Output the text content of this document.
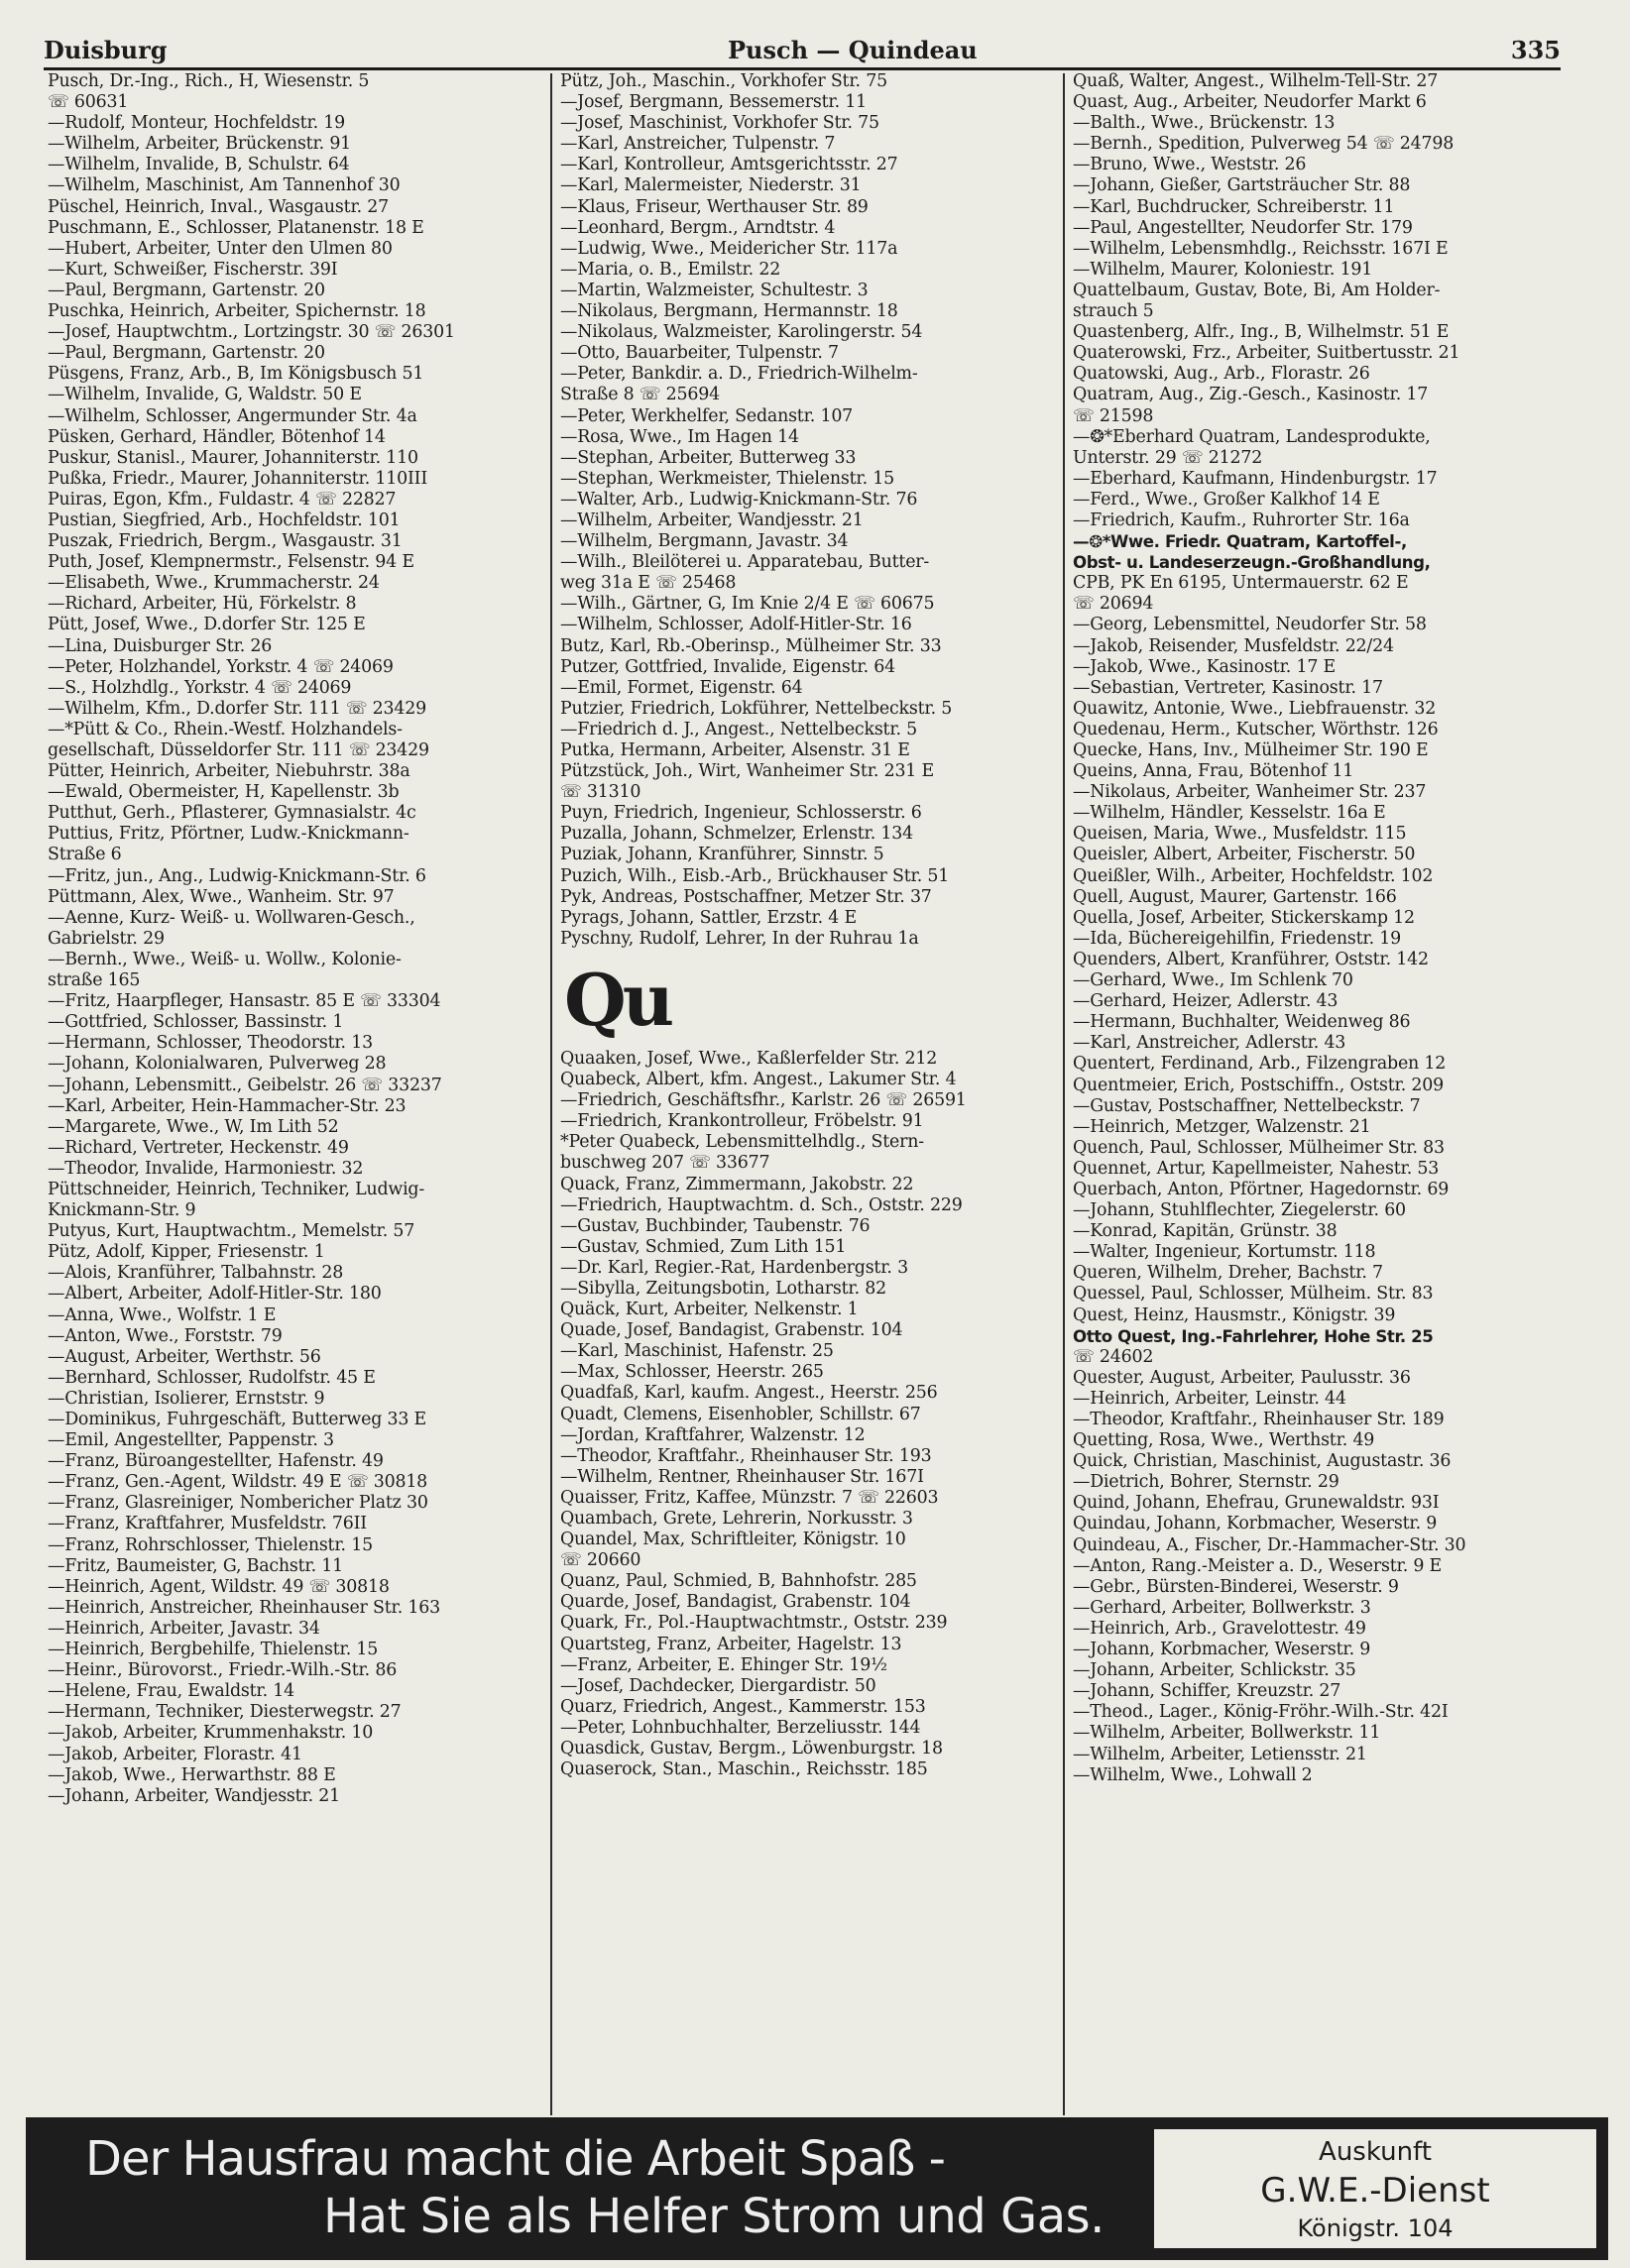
Duisburg	Pusch — Quindeau	335
Pusch, Dr.-Ing., Rich., H, Wiesenstr. 5
☏ 60631
—Rudolf, Monteur, Hochfeldstr. 19
—Wilhelm, Arbeiter, Brückenstr. 91
—Wilhelm, Invalide, B, Schulstr. 64
—Wilhelm, Maschinist, Am Tannenhof 30
Püschel, Heinrich, Inval., Wasgaustr. 27
Puschmann, E., Schlosser, Platanenstr. 18 E
—Hubert, Arbeiter, Unter den Ulmen 80
—Kurt, Schweißer, Fischerstr. 39I
—Paul, Bergmann, Gartenstr. 20
Puschka, Heinrich, Arbeiter, Spichernstr. 18
—Josef, Hauptwchtm., Lortzingstr. 30 ☏ 26301
—Paul, Bergmann, Gartenstr. 20
Püsgens, Franz, Arb., B, Im Königsbusch 51
—Wilhelm, Invalide, G, Waldstr. 50 E
—Wilhelm, Schlosser, Angermunder Str. 4a
Püsken, Gerhard, Händler, Bötenhof 14
Puskur, Stanisl., Maurer, Johanniterstr. 110
Pußka, Friedr., Maurer, Johanniterstr. 110III
Puiras, Egon, Kfm., Fuldastr. 4 ☏ 22827
Pustian, Siegfried, Arb., Hochfeldstr. 101
Puszak, Friedrich, Bergm., Wasgaustr. 31
Puth, Josef, Klempnermstr., Felsenstr. 94 E
—Elisabeth, Wwe., Krummacherstr. 24
—Richard, Arbeiter, Hü, Förkelstr. 8
Pütt, Josef, Wwe., D.dorfer Str. 125 E
—Lina, Duisburger Str. 26
—Peter, Holzhandel, Yorkstr. 4 ☏ 24069
—S., Holzhdlg., Yorkstr. 4 ☏ 24069
—Wilhelm, Kfm., D.dorfer Str. 111 ☏ 23429
—*Pütt & Co., Rhein.-Westf. Holzhandels-
gesellschaft, Düsseldorfer Str. 111 ☏ 23429
Pütter, Heinrich, Arbeiter, Niebuhrstr. 38a
—Ewald, Obermeister, H, Kapellenstr. 3b
Putthut, Gerh., Pflasterer, Gymnasialstr. 4c
Puttius, Fritz, Pförtner, Ludw.-Knickmann-
Straße 6
—Fritz, jun., Ang., Ludwig-Knickmann-Str. 6
Püttmann, Alex, Wwe., Wanheim. Str. 97
—Aenne, Kurz- Weiß- u. Wollwaren-Gesch.,
Gabrielstr. 29
—Bernh., Wwe., Weiß- u. Wollw., Kolonie-
straße 165
—Fritz, Haarpfleger, Hansastr. 85 E ☏ 33304
—Gottfried, Schlosser, Bassinstr. 1
—Hermann, Schlosser, Theodorstr. 13
—Johann, Kolonialwaren, Pulverweg 28
—Johann, Lebensmitt., Geibelstr. 26 ☏ 33237
—Karl, Arbeiter, Hein-Hammacher-Str. 23
—Margarete, Wwe., W, Im Lith 52
—Richard, Vertreter, Heckenstr. 49
—Theodor, Invalide, Harmoniestr. 32
Püttschneider, Heinrich, Techniker, Ludwig-
Knickmann-Str. 9
Putyus, Kurt, Hauptwachtm., Memelstr. 57
Pütz, Adolf, Kipper, Friesenstr. 1
—Alois, Kranführer, Talbahnstr. 28
—Albert, Arbeiter, Adolf-Hitler-Str. 180
—Anna, Wwe., Wolfstr. 1 E
—Anton, Wwe., Forststr. 79
—August, Arbeiter, Werthstr. 56
—Bernhard, Schlosser, Rudolfstr. 45 E
—Christian, Isolierer, Ernststr. 9
—Dominikus, Fuhrgeschäft, Butterweg 33 E
—Emil, Angestellter, Pappenstr. 3
—Franz, Büroangestellter, Hafenstr. 49
—Franz, Gen.-Agent, Wildstr. 49 E ☏ 30818
—Franz, Glasreiniger, Nombericher Platz 30
—Franz, Kraftfahrer, Musfeldstr. 76II
—Franz, Rohrschlosser, Thielenstr. 15
—Fritz, Baumeister, G, Bachstr. 11
—Heinrich, Agent, Wildstr. 49 ☏ 30818
—Heinrich, Anstreicher, Rheinhauser Str. 163
—Heinrich, Arbeiter, Javastr. 34
—Heinrich, Bergbehilfe, Thielenstr. 15
—Heinr., Bürovorst., Friedr.-Wilh.-Str. 86
—Helene, Frau, Ewaldstr. 14
—Hermann, Techniker, Diesterwegstr. 27
—Jakob, Arbeiter, Krummenhakstr. 10
—Jakob, Arbeiter, Florastr. 41
—Jakob, Wwe., Herwarthstr. 88 E
—Johann, Arbeiter, Wandjesstr. 21
Pütz, Joh., Maschin., Vorkhofer Str. 75
—Josef, Bergmann, Bessemerstr. 11
—Josef, Maschinist, Vorkhofer Str. 75
—Karl, Anstreicher, Tulpenstr. 7
—Karl, Kontrolleur, Amtsgerichtsstr. 27
—Karl, Malermeister, Niederstr. 31
—Klaus, Friseur, Werthauser Str. 89
—Leonhard, Bergm., Arndtstr. 4
—Ludwig, Wwe., Meidericher Str. 117a
—Maria, o. B., Emilstr. 22
—Martin, Walzmeister, Schultestr. 3
—Nikolaus, Bergmann, Hermannstr. 18
—Nikolaus, Walzmeister, Karolingerstr. 54
—Otto, Bauarbeiter, Tulpenstr. 7
—Peter, Bankdir. a. D., Friedrich-Wilhelm-
Straße 8 ☏ 25694
—Peter, Werkhelfer, Sedanstr. 107
—Rosa, Wwe., Im Hagen 14
—Stephan, Arbeiter, Butterweg 33
—Stephan, Werkmeister, Thielenstr. 15
—Walter, Arb., Ludwig-Knickmann-Str. 76
—Wilhelm, Arbeiter, Wandjesstr. 21
—Wilhelm, Bergmann, Javastr. 34
—Wilh., Bleilöterei u. Apparatebau, Butter-
weg 31a E ☏ 25468
—Wilh., Gärtner, G, Im Knie 2/4 E ☏ 60675
—Wilhelm, Schlosser, Adolf-Hitler-Str. 16
Butz, Karl, Rb.-Oberinsp., Mülheimer Str. 33
Putzer, Gottfried, Invalide, Eigenstr. 64
—Emil, Formet, Eigenstr. 64
Putzier, Friedrich, Lokführer, Nettelbeckstr. 5
—Friedrich d. J., Angest., Nettelbeckstr. 5
Putka, Hermann, Arbeiter, Alsenstr. 31 E
Pützstück, Joh., Wirt, Wanheimer Str. 231 E
☏ 31310
Puyn, Friedrich, Ingenieur, Schlosserstr. 6
Puzalla, Johann, Schmelzer, Erlenstr. 134
Puziak, Johann, Kranführer, Sinnstr. 5
Puzich, Wilh., Eisb.-Arb., Brückhauser Str. 51
Pyk, Andreas, Postschaffner, Metzer Str. 37
Pyrags, Johann, Sattler, Erzstr. 4 E
Pyschny, Rudolf, Lehrer, In der Ruhrau 1a
Qu
Quaaken, Josef, Wwe., Kaßlerfelder Str. 212
Quabeck, Albert, kfm. Angest., Lakumer Str. 4
—Friedrich, Geschäftsfhr., Karlstr. 26 ☏ 26591
—Friedrich, Krankontrolleur, Fröbelstr. 91
*Peter Quabeck, Lebensmittelhdlg., Stern-
buschweg 207 ☏ 33677
Quack, Franz, Zimmermann, Jakobstr. 22
—Friedrich, Hauptwachtm. d. Sch., Oststr. 229
—Gustav, Buchbinder, Taubenstr. 76
—Gustav, Schmied, Zum Lith 151
—Dr. Karl, Regier.-Rat, Hardenbergstr. 3
—Sibylla, Zeitungsbotin, Lotharstr. 82
Quäck, Kurt, Arbeiter, Nelkenstr. 1
Quade, Josef, Bandagist, Grabenstr. 104
—Karl, Maschinist, Hafenstr. 25
—Max, Schlosser, Heerstr. 265
Quadfaß, Karl, kaufm. Angest., Heerstr. 256
Quadt, Clemens, Eisenhobler, Schillstr. 67
—Jordan, Kraftfahrer, Walzenstr. 12
—Theodor, Kraftfahr., Rheinhauser Str. 193
—Wilhelm, Rentner, Rheinhauser Str. 167I
Quaisser, Fritz, Kaffee, Münzstr. 7 ☏ 22603
Quambach, Grete, Lehrerin, Norkusstr. 3
Quandel, Max, Schriftleiter, Königstr. 10
☏ 20660
Quanz, Paul, Schmied, B, Bahnhofstr. 285
Quarde, Josef, Bandagist, Grabenstr. 104
Quark, Fr., Pol.-Hauptwachtmstr., Oststr. 239
Quartsteg, Franz, Arbeiter, Hagelstr. 13
—Franz, Arbeiter, E. Ehinger Str. 19½
—Josef, Dachdecker, Diergardistr. 50
Quarz, Friedrich, Angest., Kammerstr. 153
—Peter, Lohnbuchhalter, Berzeliusstr. 144
Quasdick, Gustav, Bergm., Löwenburgstr. 18
Quaserock, Stan., Maschin., Reichsstr. 185
Quaß, Walter, Angest., Wilhelm-Tell-Str. 27
Quast, Aug., Arbeiter, Neudorfer Markt 6
—Balth., Wwe., Brückenstr. 13
—Bernh., Spedition, Pulverweg 54 ☏ 24798
—Bruno, Wwe., Weststr. 26
—Johann, Gießer, Gartsträucher Str. 88
—Karl, Buchdrucker, Schreiberstr. 11
—Paul, Angestellter, Neudorfer Str. 179
—Wilhelm, Lebensmhdlg., Reichsstr. 167I E
—Wilhelm, Maurer, Koloniestr. 191
Quattelbaum, Gustav, Bote, Bi, Am Holder-
strauch 5
Quastenberg, Alfr., Ing., B, Wilhelmstr. 51 E
Quaterowski, Frz., Arbeiter, Suitbertusstr. 21
Quatowski, Aug., Arb., Florastr. 26
Quatram, Aug., Zig.-Gesch., Kasinostr. 17
☏ 21598
—❂*Eberhard Quatram, Landesprodukte,
Unterstr. 29 ☏ 21272
—Eberhard, Kaufmann, Hindenburgstr. 17
—Ferd., Wwe., Großer Kalkhof 14 E
—Friedrich, Kaufm., Ruhrorter Str. 16a
—❂*Wwe. Friedr. Quatram, Kartoffel-,
Obst- u. Landeserzeugn.-Großhandlung,
CPB, PK En 6195, Untermauerstr. 62 E
☏ 20694
—Georg, Lebensmittel, Neudorfer Str. 58
—Jakob, Reisender, Musfeldstr. 22/24
—Jakob, Wwe., Kasinostr. 17 E
—Sebastian, Vertreter, Kasinostr. 17
Quawitz, Antonie, Wwe., Liebfrauenstr. 32
Quedenau, Herm., Kutscher, Wörthstr. 126
Quecke, Hans, Inv., Mülheimer Str. 190 E
Queins, Anna, Frau, Bötenhof 11
—Nikolaus, Arbeiter, Wanheimer Str. 237
—Wilhelm, Händler, Kesselstr. 16a E
Queisen, Maria, Wwe., Musfeldstr. 115
Queisler, Albert, Arbeiter, Fischerstr. 50
Queißler, Wilh., Arbeiter, Hochfeldstr. 102
Quell, August, Maurer, Gartenstr. 166
Quella, Josef, Arbeiter, Stickerskamp 12
—Ida, Büchereigehilfin, Friedenstr. 19
Quenders, Albert, Kranführer, Oststr. 142
—Gerhard, Wwe., Im Schlenk 70
—Gerhard, Heizer, Adlerstr. 43
—Hermann, Buchhalter, Weidenweg 86
—Karl, Anstreicher, Adlerstr. 43
Quentert, Ferdinand, Arb., Filzengraben 12
Quentmeier, Erich, Postschiffn., Oststr. 209
—Gustav, Postschaffner, Nettelbeckstr. 7
—Heinrich, Metzger, Walzenstr. 21
Quench, Paul, Schlosser, Mülheimer Str. 83
Quennet, Artur, Kapellmeister, Nahestr. 53
Querbach, Anton, Pförtner, Hagedornstr. 69
—Johann, Stuhlflechter, Ziegelerstr. 60
—Konrad, Kapitän, Grünstr. 38
—Walter, Ingenieur, Kortumstr. 118
Queren, Wilhelm, Dreher, Bachstr. 7
Quessel, Paul, Schlosser, Mülheim. Str. 83
Quest, Heinz, Hausmstr., Königstr. 39
Otto Quest, Ing.-Fahrlehrer, Hohe Str. 25
☏ 24602
Quester, August, Arbeiter, Paulusstr. 36
—Heinrich, Arbeiter, Leinstr. 44
—Theodor, Kraftfahr., Rheinhauser Str. 189
Quetting, Rosa, Wwe., Werthstr. 49
Quick, Christian, Maschinist, Augustastr. 36
—Dietrich, Bohrer, Sternstr. 29
Quind, Johann, Ehefrau, Grunewaldstr. 93I
Quindau, Johann, Korbmacher, Weserstr. 9
Quindeau, A., Fischer, Dr.-Hammacher-Str. 30
—Anton, Rang.-Meister a. D., Weserstr. 9 E
—Gebr., Bürsten-Binderei, Weserstr. 9
—Gerhard, Arbeiter, Bollwerkstr. 3
—Heinrich, Arb., Gravelottestr. 49
—Johann, Korbmacher, Weserstr. 9
—Johann, Arbeiter, Schlickstr. 35
—Johann, Schiffer, Kreuzstr. 27
—Theod., Lager., König-Fröhr.-Wilh.-Str. 42I
—Wilhelm, Arbeiter, Bollwerkstr. 11
—Wilhelm, Arbeiter, Letiensstr. 21
—Wilhelm, Wwe., Lohwall 2
Der Hausfrau macht die Arbeit Spaß -
Hat Sie als Helfer Strom und Gas.
Auskunft
G.W.E.-Dienst
Königstr. 104
